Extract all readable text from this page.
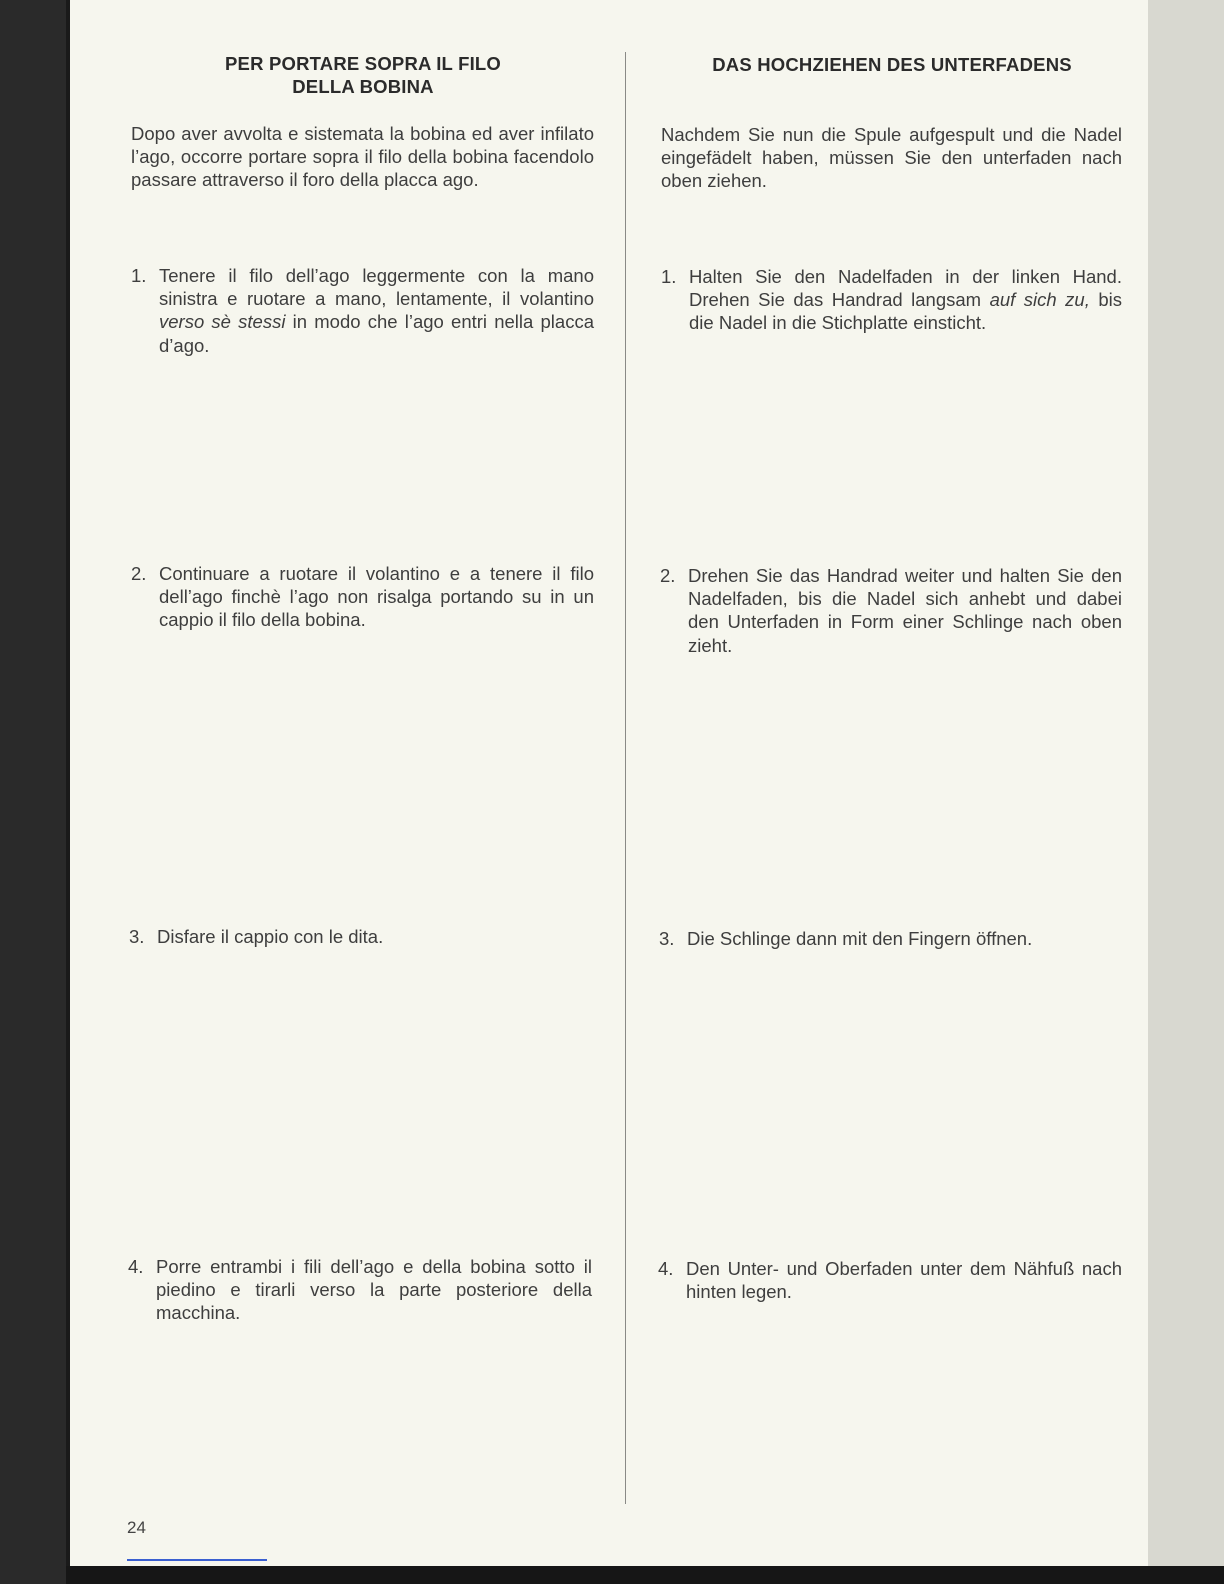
PER PORTARE SOPRA IL FILO
DELLA BOBINA

Dopo aver avvolta e sistemata la bobina ed aver infilato l’ago, occorre portare sopra il filo della bobina facendolo passare attraverso il foro della placca ago.

1. Tenere il filo dell’ago leggermente con la mano sinistra e ruotare a mano, lentamente, il volantino verso sè stessi in modo che l’ago entri nella placca d’ago.
2. Continuare a ruotare il volantino e a tenere il filo dell’ago finchè l’ago non risalga portando su in un cappio il filo della bobina.
3. Disfare il cappio con le dita.
4. Porre entrambi i fili dell’ago e della bobina sotto il piedino e tirarli verso la parte posteriore della macchina.
DAS HOCHZIEHEN DES UNTERFADENS

Nachdem Sie nun die Spule aufgespult und die Nadel eingefädelt haben, müssen Sie den unterfaden nach oben ziehen.

1. Halten Sie den Nadelfaden in der linken Hand. Drehen Sie das Handrad langsam auf sich zu, bis die Nadel in die Stichplatte einsticht.
2. Drehen Sie das Handrad weiter und halten Sie den Nadelfaden, bis die Nadel sich anhebt und dabei den Unterfaden in Form einer Schlinge nach oben zieht.
3. Die Schlinge dann mit den Fingern öffnen.
4. Den Unter- und Oberfaden unter dem Nähfuß nach hinten legen.
24
